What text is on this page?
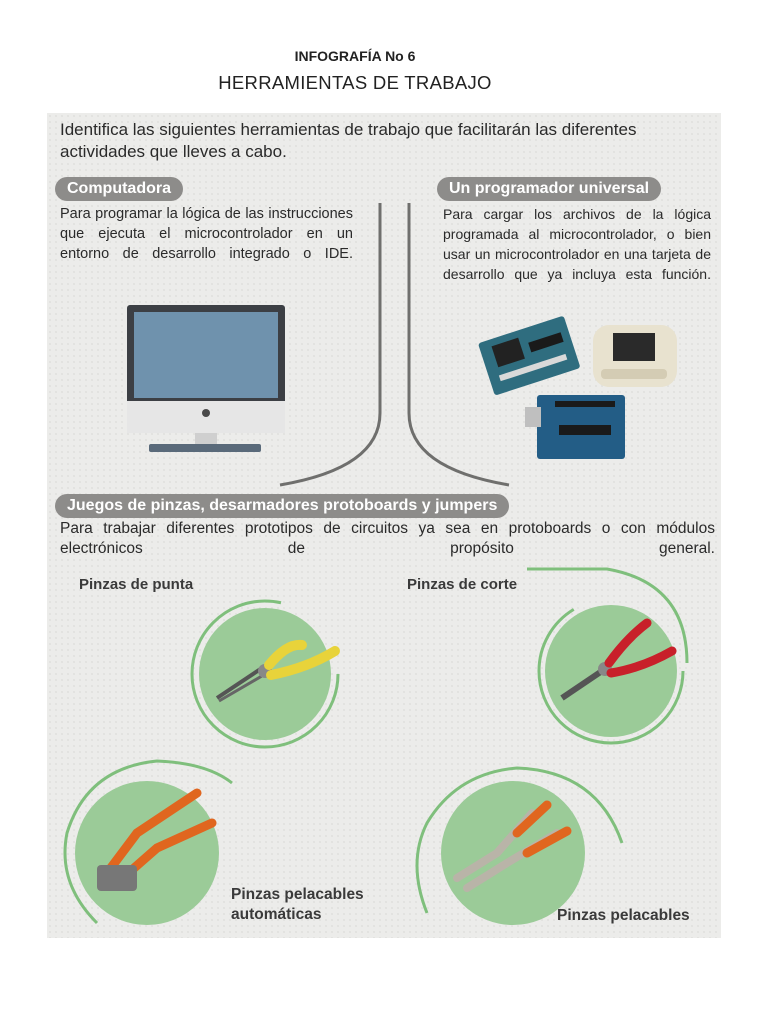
INFOGRAFÍA No 6
HERRAMIENTAS DE TRABAJO
Identifica las siguientes herramientas de trabajo que facilitarán las diferentes actividades que lleves a cabo.
Computadora
Para programar la lógica de las instrucciones que ejecuta el microcontrolador en un entorno de desarrollo integrado o IDE.
Un programador universal
Para cargar los archivos de la lógica programada al microcontrolador, o bien usar un microcontrolador en una tarjeta de desarrollo que ya incluya esta función.
Juegos de pinzas, desarmadores protoboards y jumpers
Para trabajar diferentes prototipos de circuitos ya sea en protoboards o con módulos electrónicos de propósito general.
Pinzas de punta	Pinzas de corte
Pinzas pelacables
automáticas	Pinzas pelacables
